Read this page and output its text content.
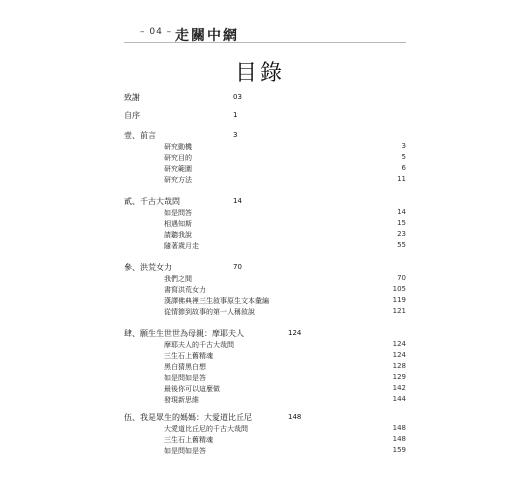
– 04 – 走關中網
目錄
致謝	03
自序	1
壹、前言	3
研究動機	3
研究目的	5
研究範圍	6
研究方法	11
貳、千古大哉問	14
如是問答	14
相遇知斯	15
請聽我說	23
隨著歲月走	55
參、洪荒女力	70
我們之間	70
書寫洪荒女力	105
漢譯佛典裡三生敘事原生文本彙編	119
從情節到故事的第一人稱敘說	121
肆、願生生世世為母親：摩耶夫人	124
摩耶夫人的千古大哉問	124
三生石上舊精魂	124
黑白猜黑白想	128
如是問如是答	129
最後你可以這麼做	142
發現新思維	144
伍、我是眾生的媽媽：大愛道比丘尼	148
大愛道比丘尼的千古大哉問	148
三生石上舊精魂	148
如是問如是答	159
